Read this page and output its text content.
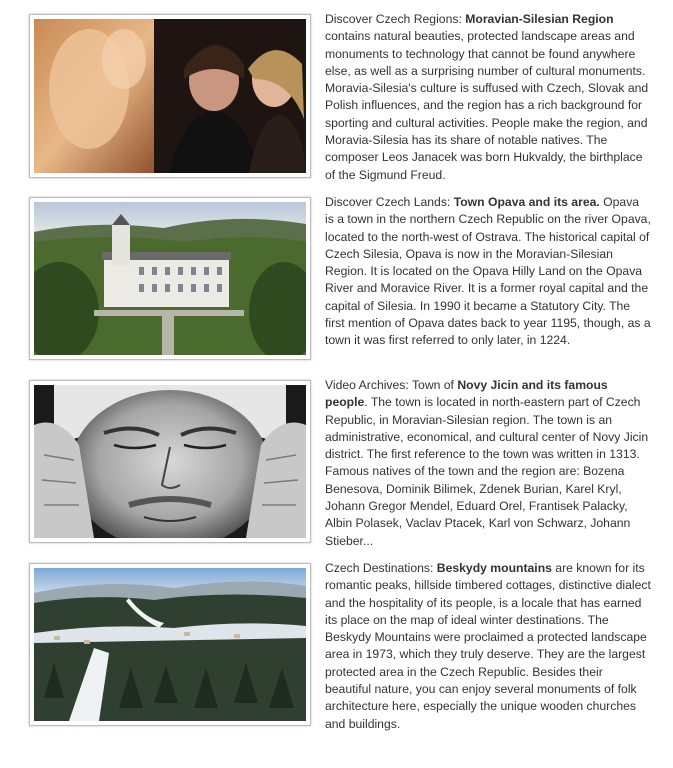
Discover Czech Regions: Moravian-Silesian Region contains natural beauties, protected landscape areas and monuments to technology that cannot be found anywhere else, as well as a surprising number of cultural monuments. Moravia-Silesia's culture is suffused with Czech, Slovak and Polish influences, and the region has a rich background for sporting and cultural activities. People make the region, and Moravia-Silesia has its share of notable natives. The composer Leos Janacek was born Hukvaldy, the birthplace of the Sigmund Freud.
Discover Czech Lands: Town Opava and its area. Opava is a town in the northern Czech Republic on the river Opava, located to the north-west of Ostrava. The historical capital of Czech Silesia, Opava is now in the Moravian-Silesian Region. It is located on the Opava Hilly Land on the Opava River and Moravice River. It is a former royal capital and the capital of Silesia. In 1990 it became a Statutory City. The first mention of Opava dates back to year 1195, though, as a town it was first referred to only later, in 1224.
Video Archives: Town of Novy Jicin and its famous people. The town is located in north-eastern part of Czech Republic, in Moravian-Silesian region. The town is an administrative, economical, and cultural center of Novy Jicin district. The first reference to the town was written in 1313. Famous natives of the town and the region are: Bozena Benesova, Dominik Bilimek, Zdenek Burian, Karel Kryl, Johann Gregor Mendel, Eduard Orel, Frantisek Palacky, Albin Polasek, Vaclav Ptacek, Karl von Schwarz, Johann Stieber...
Czech Destinations: Beskydy mountains are known for its romantic peaks, hillside timbered cottages, distinctive dialect and the hospitality of its people, is a locale that has earned its place on the map of ideal winter destinations. The Beskydy Mountains were proclaimed a protected landscape area in 1973, which they truly deserve. They are the largest protected area in the Czech Republic. Besides their beautiful nature, you can enjoy several monuments of folk architecture here, especially the unique wooden churches and buildings.
